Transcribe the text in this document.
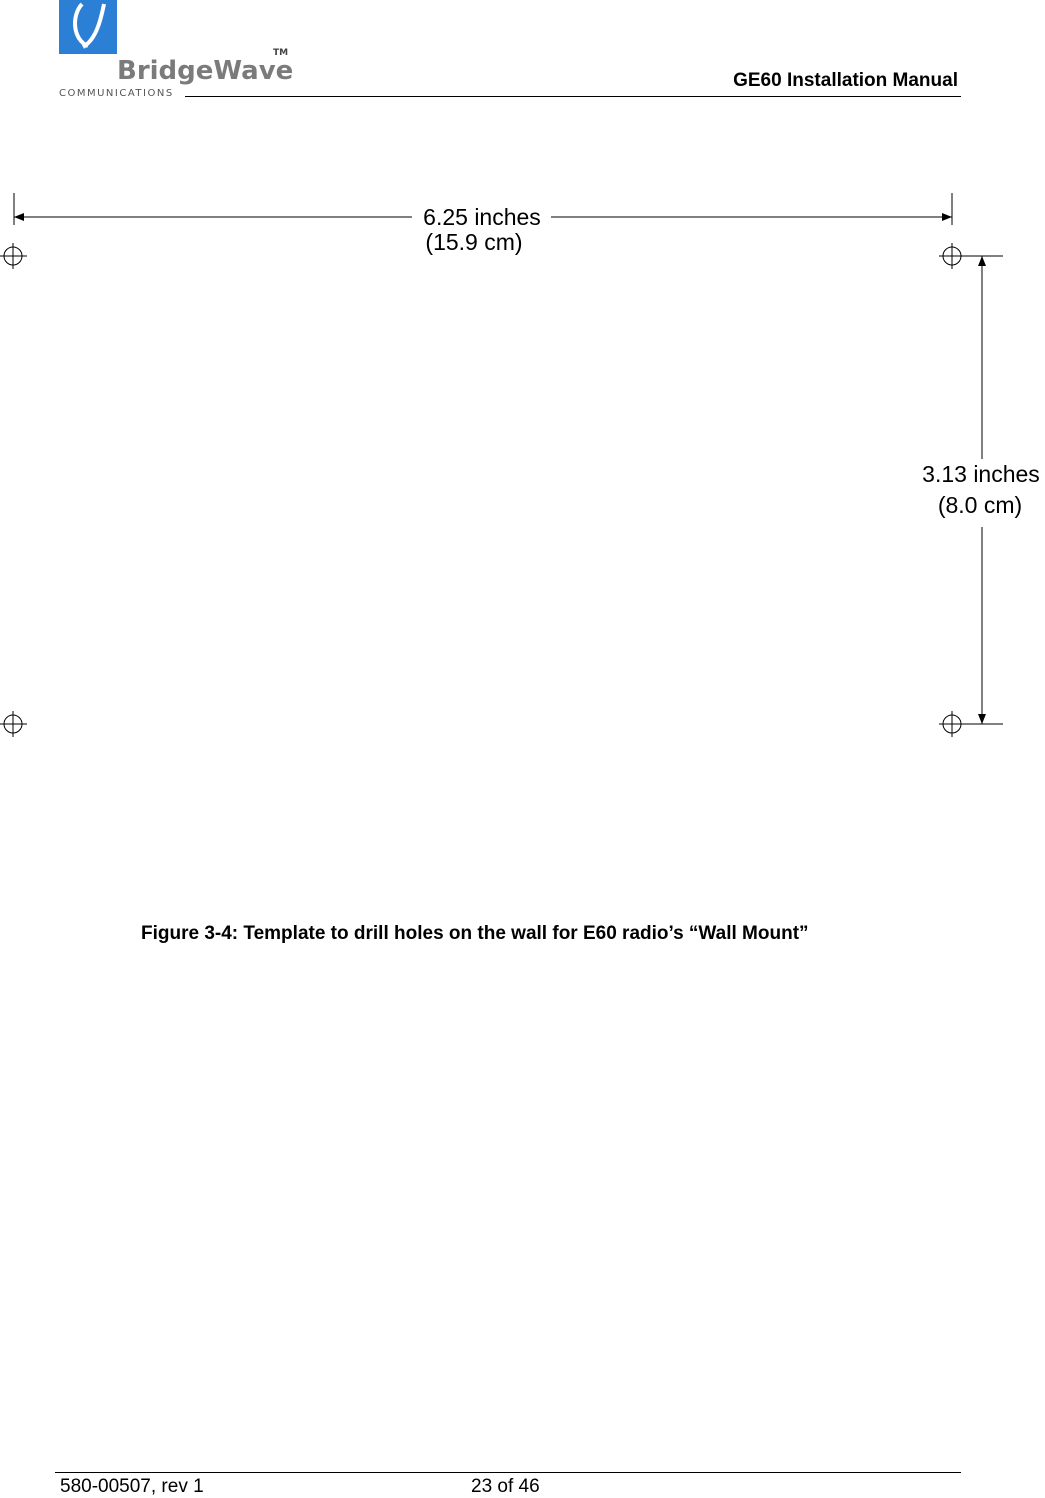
BridgeWave
TM
COMMUNICATIONS
GE60 Installation Manual
6.25 inches
(15.9 cm)
3.13 inches
(8.0 cm)
Figure 3-4: Template to drill holes on the wall for E60 radio’s “Wall Mount”
580-00507, rev 1	23 of 46
